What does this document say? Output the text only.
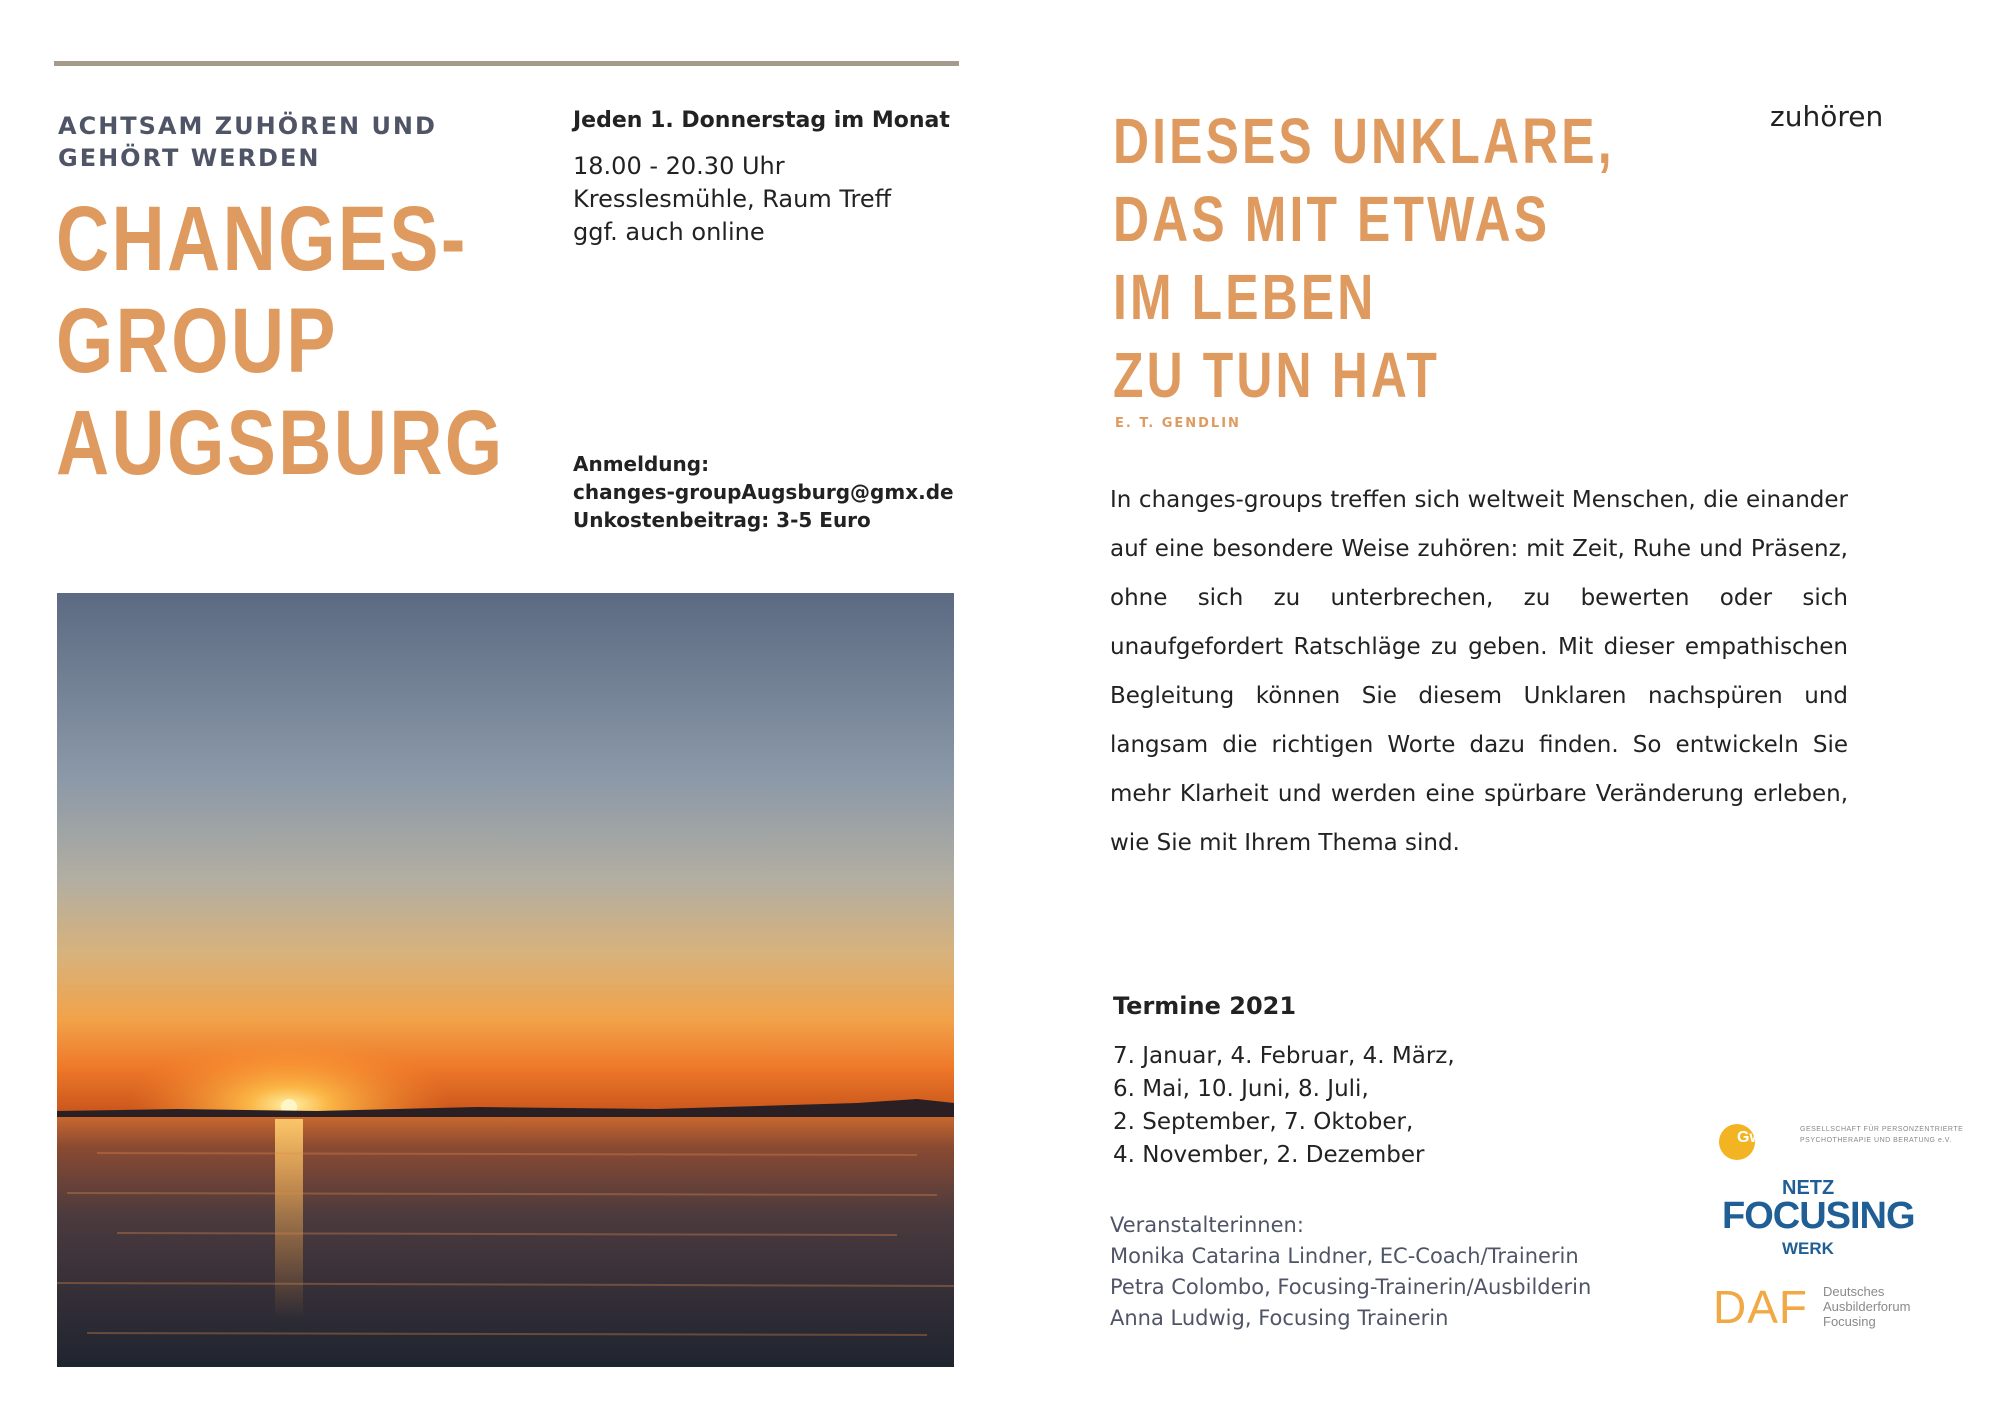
ACHTSAM ZUHÖREN UND GEHÖRT WERDEN
CHANGES-
GROUP
AUGSBURG
Jeden 1. Donnerstag im Monat
18.00 - 20.30 Uhr
Kresslesmühle, Raum Treff
ggf. auch online
Anmeldung:
changes-groupAugsburg@gmx.de
Unkostenbeitrag: 3-5 Euro
DIESES UNKLARE,
DAS MIT ETWAS
IM LEBEN
ZU TUN HAT
E. T. GENDLIN
zuhören

In changes-groups treffen sich weltweit Menschen, die einander auf eine besondere Weise zuhören: mit Zeit, Ruhe und Präsenz, ohne sich zu unterbrechen, zu bewerten oder sich unaufgefordert Ratschläge zu geben. Mit dieser empathischen Begleitung können Sie diesem Unklaren nachspüren und langsam die richtigen Worte dazu finden. So entwickeln Sie mehr Klarheit und werden eine spürbare Veränderung erleben, wie Sie mit Ihrem Thema sind.

Termine 2021
7. Januar, 4. Februar, 4. März,
6. Mai, 10. Juni, 8. Juli,
2. September, 7. Oktober,
4. November, 2. Dezember
Veranstalterinnen:
Monika Catarina Lindner, EC-Coach/Trainerin
Petra Colombo, Focusing-Trainerin/Ausbilderin
Anna Ludwig, Focusing Trainerin
GwG	GESELLSCHAFT FÜR PERSONZENTRIERTE
PSYCHOTHERAPIE UND BERATUNG e.V.
NETZ
FOCUSING
WERK
DAF Deutsches
Ausbilderforum
Focusing
